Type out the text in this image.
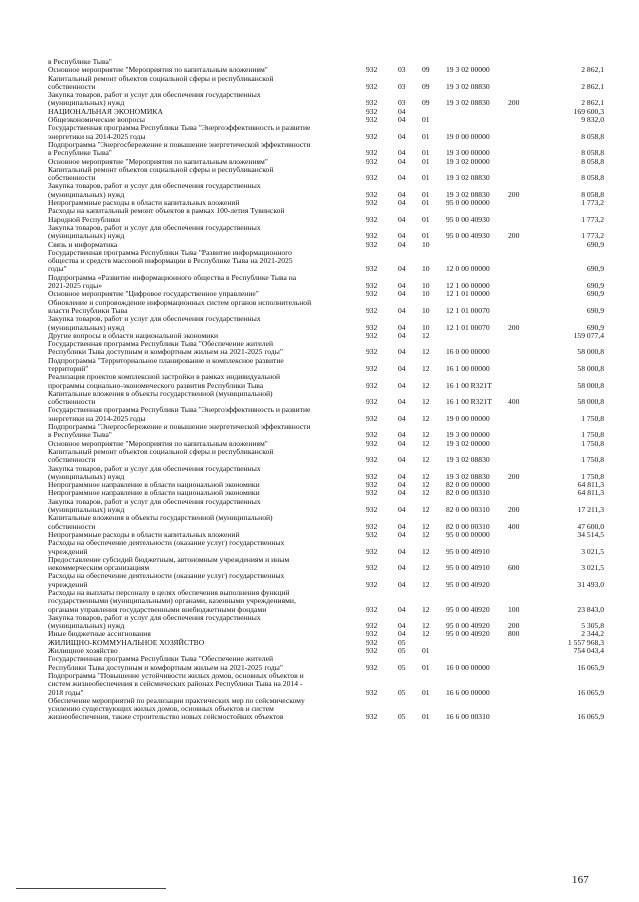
в Республике Тыва"
Основное мероприятие "Мероприятия по капитальным вложениям"	932	03 09 19 3 02 00000	2 862,1
Капитальный ремонт объектов социальной сферы и республиканской
собственности	932	03 09 19 3 02 08830	2 862,1
Закупка товаров, работ и услуг для обеспечения государственных
(муниципальных) нужд	932	03 09 19 3 02 08830 200	2 862,1
НАЦИОНАЛЬНАЯ ЭКОНОМИКА	932	04	169 600,3
Общеэкономические вопросы	932	04 01	9 832,0
Государственная программа Республики Тыва "Энергоэффективность и развитие
энергетики на 2014-2025 годы	932	04 01 19 0 00 00000	8 058,8
Подпрограмма "Энергосбережение и повышение энергетической эффективности
в Республике Тыва"	932	04 01 19 3 00 00000	8 058,8
Основное мероприятие "Мероприятия по капитальным вложениям"	932	04 01 19 3 02 00000	8 058,8
Капитальный ремонт объектов социальной сферы и республиканской
собственности	932	04 01 19 3 02 08830	8 058,8
Закупка товаров, работ и услуг для обеспечения государственных
(муниципальных) нужд	932	04 01 19 3 02 08830 200	8 058,8
Непрограммные расходы в области капитальных вложений	932	04 01 95 0 00 00000	1 773,2
Расходы на капитальный ремонт объектов в рамках 100-летия Тувинской
Народной Республики	932	04 01 95 0 00 40930	1 773,2
Закупка товаров, работ и услуг для обеспечения государственных
(муниципальных) нужд	932	04 01 95 0 00 40930 200	1 773,2
Связь и информатика	932	04 10	690,9
Государственная программа Республики Тыва "Развитие информационного
общества и средств массовой информации в Республике Тыва на 2021-2025
годы"	932	04 10 12 0 00 00000	690,9
Подпрограмма «Развитие информационного общества в Республике Тыва на
2021-2025 годы»	932	04 10 12 1 00 00000	690,9
Основное мероприятие "Цифровое государственное управление"	932	04 10 12 1 01 00000	690,9
Обновление и сопровождение информационных систем органов исполнительной
власти Республики Тыва	932	04 10 12 1 01 00070	690,9
Закупка товаров, работ и услуг для обеспечения государственных
(муниципальных) нужд	932	04 10 12 1 01 00070 200	690,9
Другие вопросы в области национальной экономики	932	04 12	159 077,4
Государственная программа Республики Тыва "Обеспечение жителей
Республики Тыва доступным и комфортным жильем на 2021-2025 годы"	932	04 12 16 0 00 00000	58 000,8
Подпрограмма "Территориальное планирование и комплексное развитие
территорий"	932	04 12 16 1 00 00000	58 000,8
Реализация проектов комплексной застройки в рамках индивидуальной
программы социально-экономического развития Республики Тыва	932	04 12 16 1 00 R321T	58 000,8
Капитальные вложения в объекты государственной (муниципальной)
собственности	932	04 12 16 1 00 R321T 400	58 000,8
Государственная программа Республики Тыва "Энергоэффективность и развитие
энергетики на 2014-2025 годы	932	04 12 19 0 00 00000	1 750,8
Подпрограмма "Энергосбережение и повышение энергетической эффективности
в Республике Тыва"	932	04 12 19 3 00 00000	1 750,8
Основное мероприятие "Мероприятия по капитальным вложениям"	932	04 12 19 3 02 00000	1 750,8
Капитальный ремонт объектов социальной сферы и республиканской
собственности	932	04 12 19 3 02 08830	1 750,8
Закупка товаров, работ и услуг для обеспечения государственных
(муниципальных) нужд	932	04 12 19 3 02 08830 200	1 750,8
Непрограммное направление в области национальной экономики	932	04 12 82 0 00 00000	64 811,3
Непрограммное направление в области национальной экономики	932	04 12 82 0 00 00310	64 811,3
Закупка товаров, работ и услуг для обеспечения государственных
(муниципальных) нужд	932	04 12 82 0 00 00310 200	17 211,3
Капитальные вложения в объекты государственной (муниципальной)
собственности	932	04 12 82 0 00 00310 400	47 600,0
Непрограммные расходы в области капитальных вложений	932	04 12 95 0 00 00000	34 514,5
Расходы на обеспечение деятельности (оказание услуг) государственных
учреждений	932	04 12 95 0 00 40910	3 021,5
Предоставление субсидий бюджетным, автономным учреждениям и иным
некоммерческим организациям	932	04 12 95 0 00 40910 600	3 021,5
Расходы на обеспечение деятельности (оказание услуг) государственных
учреждений	932	04 12 95 0 00 40920	31 493,0
Расходы на выплаты персоналу в целях обеспечения выполнения функций
государственными (муниципальными) органами, казенными учреждениями,
органами управления государственными внебюджетными фондами	932	04 12 95 0 00 40920 100	23 843,0
Закупка товаров, работ и услуг для обеспечения государственных
(муниципальных) нужд	932	04 12 95 0 00 40920 200	5 305,8
Иные бюджетные ассигнования	932	04 12 95 0 00 40920 800	2 344,2
ЖИЛИЩНО-КОММУНАЛЬНОЕ ХОЗЯЙСТВО	932	05	1 557 968,3
Жилищное хозяйство	932	05 01	754 043,4
Государственная программа Республики Тыва "Обеспечение жителей
Республики Тыва доступным и комфортным жильем на 2021-2025 годы"	932	05 01 16 0 00 00000	16 065,9
Подпрограмма "Повышение устойчивости жилых домов, основных объектов и
систем жизнеобеспечения в сейсмических районах Республики Тыва на 2014 -
2018 годы"	932	05 01 16 6 00 00000	16 065,9
Обеспечение мероприятий по реализации практических мер по сейсмическому
усилению существующих жилых домов, основных объектов и систем
жизнеобеспечения, также строительство новых сейсмостойких объектов	932	05 01 16 6 00 00310	16 065,9
167
